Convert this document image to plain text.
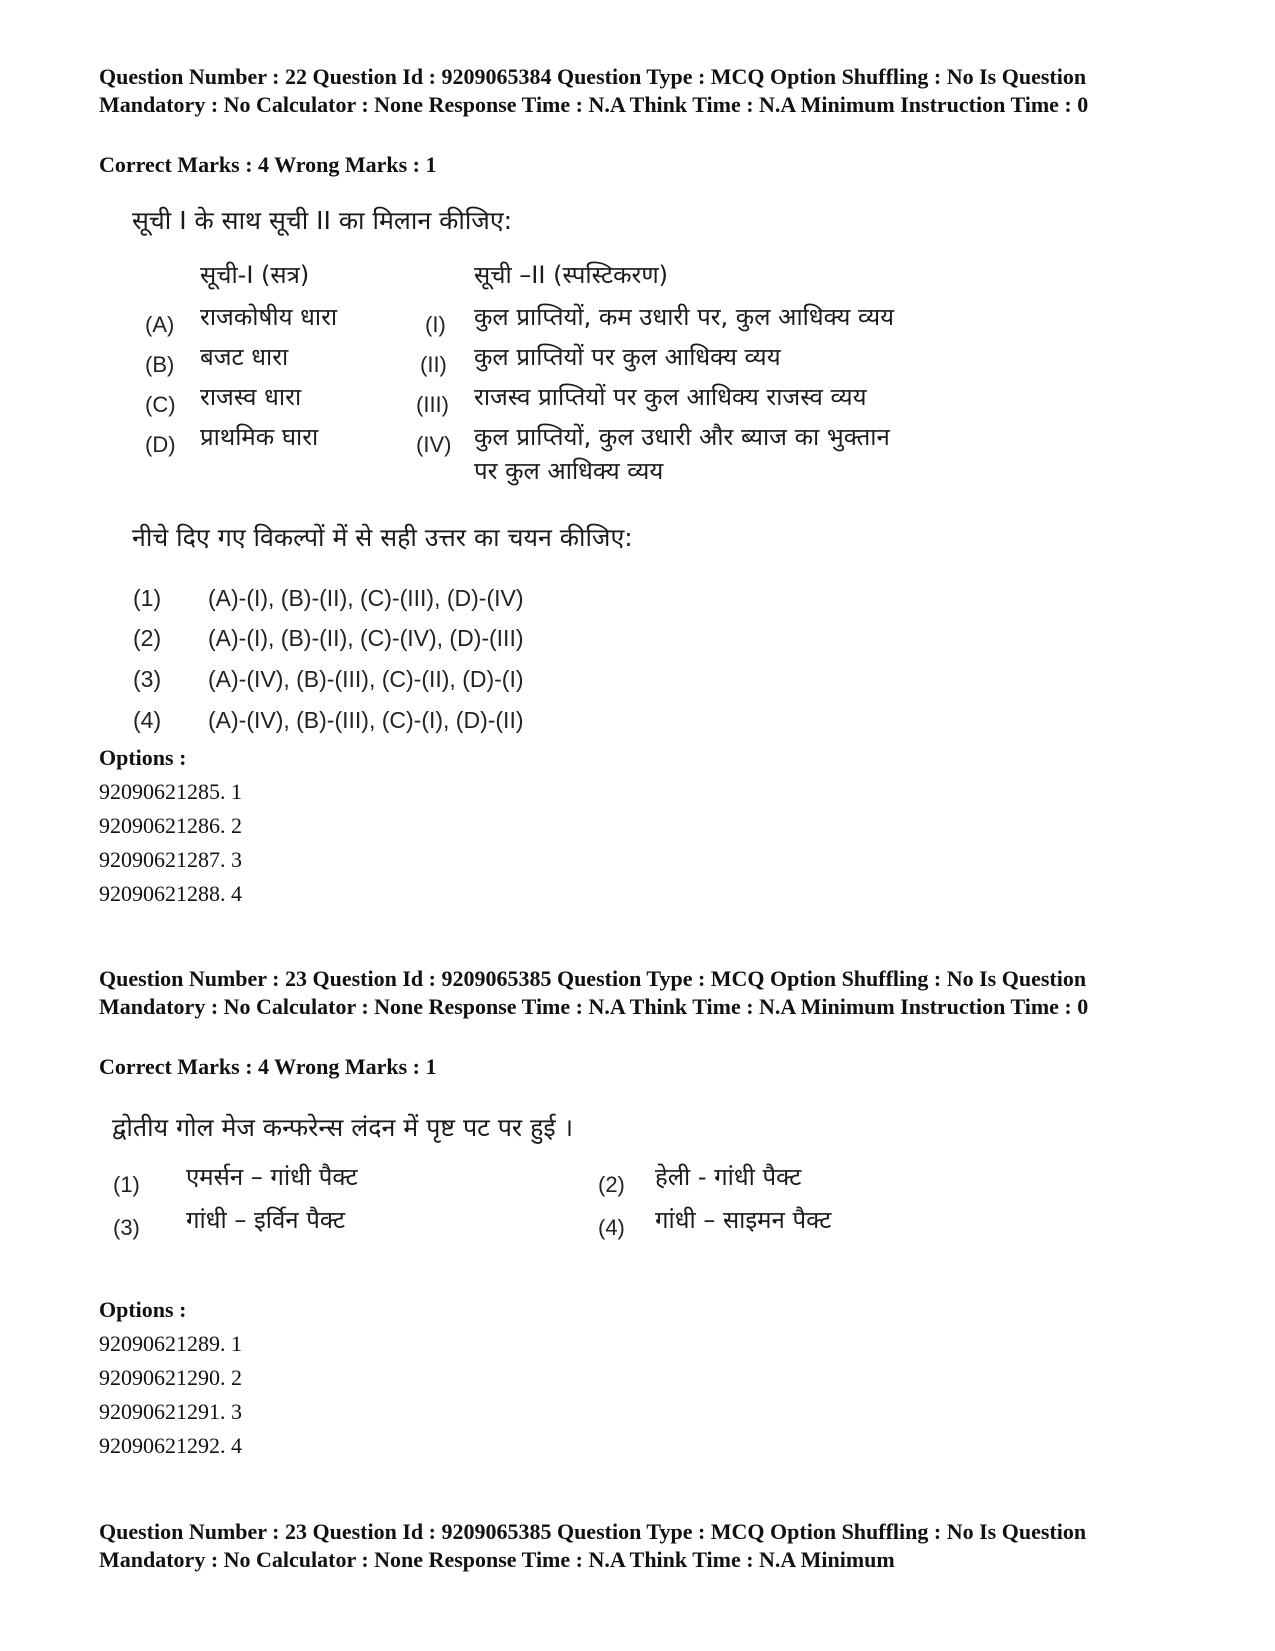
Question Number : 22 Question Id : 9209065384 Question Type : MCQ Option Shuffling : No Is Question Mandatory : No Calculator : None Response Time : N.A Think Time : N.A Minimum Instruction Time : 0
Correct Marks : 4 Wrong Marks : 1
सूची I के साथ सूची II का मिलान कीजिए:
सूची-I (सत्र)	सूची –II (स्पस्टिकरण)
(A) राजकोषीय धारा	(I) कुल प्राप्तियों, कम उधारी पर, कुल आधिक्य व्यय
(B) बजट धारा	(II) कुल प्राप्तियों पर कुल आधिक्य व्यय
(C) राजस्व धारा	(III) राजस्व प्राप्तियों पर कुल आधिक्य राजस्व व्यय
(D) प्राथमिक घारा	(IV) कुल प्राप्तियों, कुल उधारी और ब्याज का भुक्तान
पर कुल आधिक्य व्यय
नीचे दिए गए विकल्पों में से सही उत्तर का चयन कीजिए:
(1) (A)-(I), (B)-(II), (C)-(III), (D)-(IV)
(2) (A)-(I), (B)-(II), (C)-(IV), (D)-(III)
(3) (A)-(IV), (B)-(III), (C)-(II), (D)-(I)
(4) (A)-(IV), (B)-(III), (C)-(I), (D)-(II)
Options :
92090621285. 1
92090621286. 2
92090621287. 3
92090621288. 4
Question Number : 23 Question Id : 9209065385 Question Type : MCQ Option Shuffling : No Is Question Mandatory : No Calculator : None Response Time : N.A Think Time : N.A Minimum Instruction Time : 0
Correct Marks : 4 Wrong Marks : 1
द्वोतीय गोल मेज कन्फरेन्स लंदन में पृष्ट पट पर हुई ।
(1) एमर्सन – गांधी पैक्ट	(2) हेली - गांधी पैक्ट
(3) गांधी – इर्विन पैक्ट	(4) गांधी – साइमन पैक्ट
Options :
92090621289. 1
92090621290. 2
92090621291. 3
92090621292. 4
Question Number : 23 Question Id : 9209065385 Question Type : MCQ Option Shuffling : No Is Question Mandatory : No Calculator : None Response Time : N.A Think Time : N.A Minimum
